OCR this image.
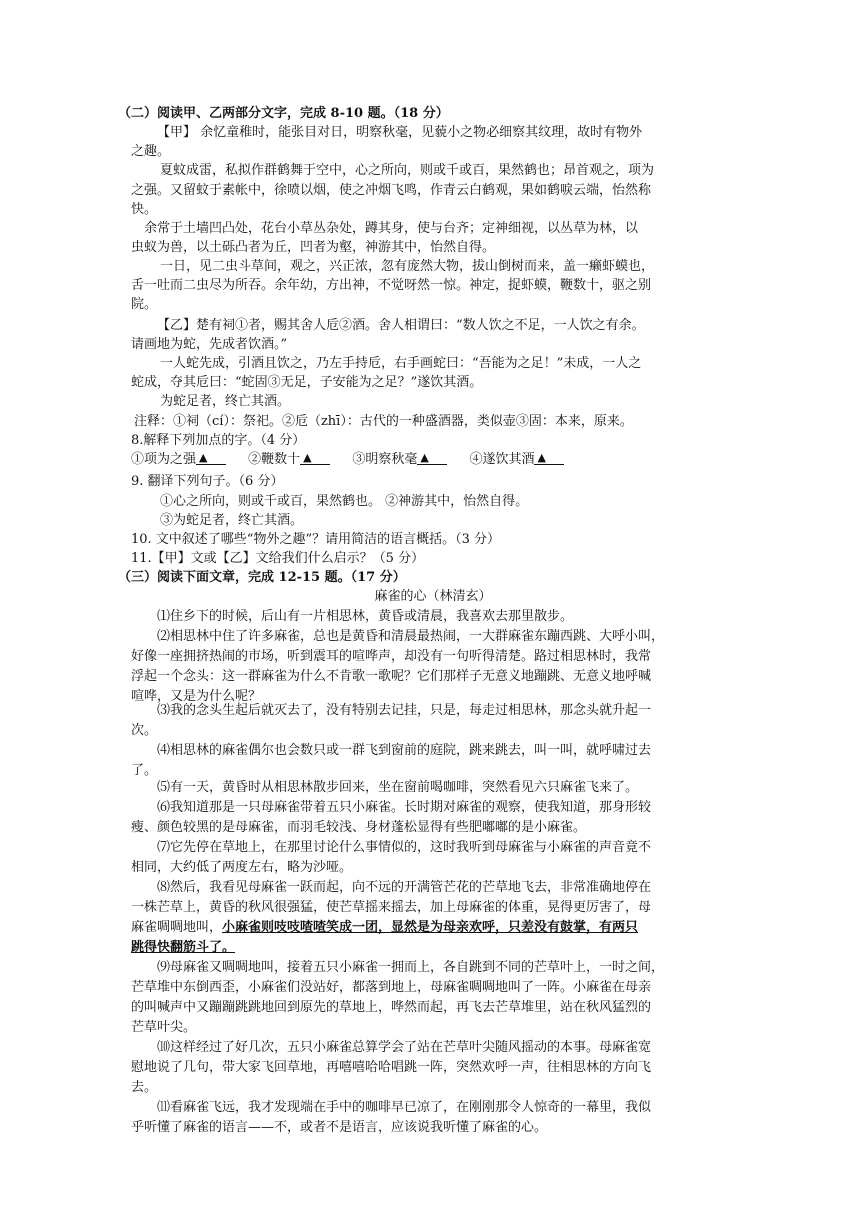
（二）阅读甲、乙两部分文字，完成 8-10 题。（18 分）
【甲】 余忆童稚时，能张目对日，明察秋毫，见藐小之物必细察其纹理，故时有物外
之趣。
夏蚊成雷，私拟作群鹤舞于空中，心之所向，则或千或百，果然鹤也；昂首观之，项为
之强。又留蚊于素帐中，徐喷以烟，使之冲烟飞鸣，作青云白鹤观，果如鹤唳云端，怡然称
快。
余常于土墙凹凸处，花台小草丛杂处，蹲其身，使与台齐；定神细视，以丛草为林，以
虫蚁为兽，以土砾凸者为丘，凹者为壑，神游其中，怡然自得。
一日，见二虫斗草间，观之，兴正浓，忽有庞然大物，拔山倒树而来，盖一癞虾蟆也，
舌一吐而二虫尽为所吞。余年幼，方出神，不觉呀然一惊。神定，捉虾蟆，鞭数十，驱之别
院。
【乙】楚有祠①者，赐其舍人卮②酒。舍人相谓曰：“数人饮之不足，一人饮之有余。
请画地为蛇，先成者饮酒。”
一人蛇先成，引酒且饮之，乃左手持卮，右手画蛇曰：“吾能为之足！”未成，一人之
蛇成，夺其卮曰：“蛇固③无足，子安能为之足？”遂饮其酒。
为蛇足者，终亡其酒。
注释：①祠（cí）：祭祀。②卮（zhī）：古代的一种盛酒器，类似壶③固：本来，原来。
8.解释下列加点的字。（4 分）
①项为之强 ▲	②鞭数十 ▲	③明察秋毫 ▲	④遂饮其酒 ▲
9. 翻译下列句子。（6 分）
①心之所向，则或千或百，果然鹤也。 ②神游其中，怡然自得。
③为蛇足者，终亡其酒。
10. 文中叙述了哪些“物外之趣”？请用简洁的语言概括。（3 分）
11.【甲】文或【乙】文给我们什么启示？（5 分）
（三）阅读下面文章，完成 12-15 题。（17 分）
麻雀的心（林清玄）
⑴住乡下的时候，后山有一片相思林，黄昏或清晨，我喜欢去那里散步。
⑵相思林中住了许多麻雀，总也是黄昏和清晨最热闹，一大群麻雀东蹦西跳、大呼小叫，
好像一座拥挤热闹的市场，听到震耳的喧哗声，却没有一句听得清楚。路过相思林时，我常
浮起一个念头：这一群麻雀为什么不肯歌一歌呢？它们那样子无意义地蹦跳、无意义地呼喊
喧哗，又是为什么呢？
⑶我的念头生起后就灭去了，没有特别去记挂，只是，每走过相思林，那念头就升起一
次。
⑷相思林的麻雀偶尔也会数只或一群飞到窗前的庭院，跳来跳去，叫一叫，就呼啸过去
了。
⑸有一天，黄昏时从相思林散步回来，坐在窗前喝咖啡，突然看见六只麻雀飞来了。
⑹我知道那是一只母麻雀带着五只小麻雀。长时期对麻雀的观察，使我知道，那身形较
瘦、颜色较黑的是母麻雀，而羽毛较浅、身材蓬松显得有些肥嘟嘟的是小麻雀。
⑺它先停在草地上，在那里讨论什么事情似的，这时我听到母麻雀与小麻雀的声音竟不
相同，大约低了两度左右，略为沙哑。
⑻然后，我看见母麻雀一跃而起，向不远的开满管芒花的芒草地飞去，非常准确地停在
一株芒草上，黄昏的秋风很强猛，使芒草摇来摇去，加上母麻雀的体重，晃得更厉害了，母
麻雀啁啁地叫，小麻雀则吱吱喳喳笑成一团，显然是为母亲欢呼，只差没有鼓掌，有两只
跳得快翻筋斗了。
⑼母麻雀又啁啁地叫，接着五只小麻雀一拥而上，各自跳到不同的芒草叶上，一时之间，
芒草堆中东倒西歪，小麻雀们没站好，都落到地上，母麻雀啁啁地叫了一阵。小麻雀在母亲
的叫喊声中又蹦蹦跳跳地回到原先的草地上，哗然而起，再飞去芒草堆里，站在秋风猛烈的
芒草叶尖。
⑽这样经过了好几次，五只小麻雀总算学会了站在芒草叶尖随风摇动的本事。母麻雀宽
慰地说了几句，带大家飞回草地，再嘻嘻哈哈唱跳一阵，突然欢呼一声，往相思林的方向飞
去。
⑾看麻雀飞远，我才发现端在手中的咖啡早已凉了，在刚刚那令人惊奇的一幕里，我似
乎听懂了麻雀的语言——不，或者不是语言，应该说我听懂了麻雀的心。
